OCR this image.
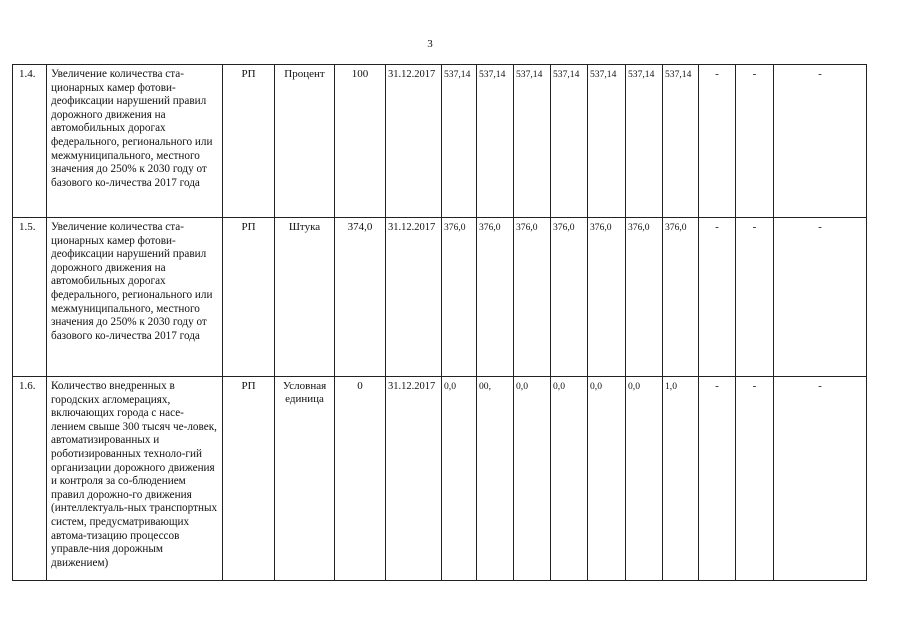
3
1.4.	Увеличение количества ста-ционарных камер фотови-деофиксации нарушений правил дорожного движения на автомобильных дорогах федерального, регионального или межмуниципального, местного значения до 250% к 2030 году от базового ко-личества 2017 года	РП	Процент	100	31.12.2017	537,14	537,14	537,14	537,14	537,14	537,14	537,14	-	-	-
1.5.	Увеличение количества ста-ционарных камер фотови-деофиксации нарушений правил дорожного движения на автомобильных дорогах федерального, регионального или межмуниципального, местного значения до 250% к 2030 году от базового ко-личества 2017 года	РП	Штука	374,0	31.12.2017	376,0	376,0	376,0	376,0	376,0	376,0	376,0	-	-	-
1.6.	Количество внедренных в городских агломерациях, включающих города с насе-лением свыше 300 тысяч че-ловек, автоматизированных и роботизированных техноло-гий организации дорожного движения и контроля за со-блюдением правил дорожно-го движения (интеллектуаль-ных транспортных систем, предусматривающих автома-тизацию процессов управле-ния дорожным движением)	РП	Условная единица	0	31.12.2017	0,0	00,	0,0	0,0	0,0	0,0	1,0	-	-	-
